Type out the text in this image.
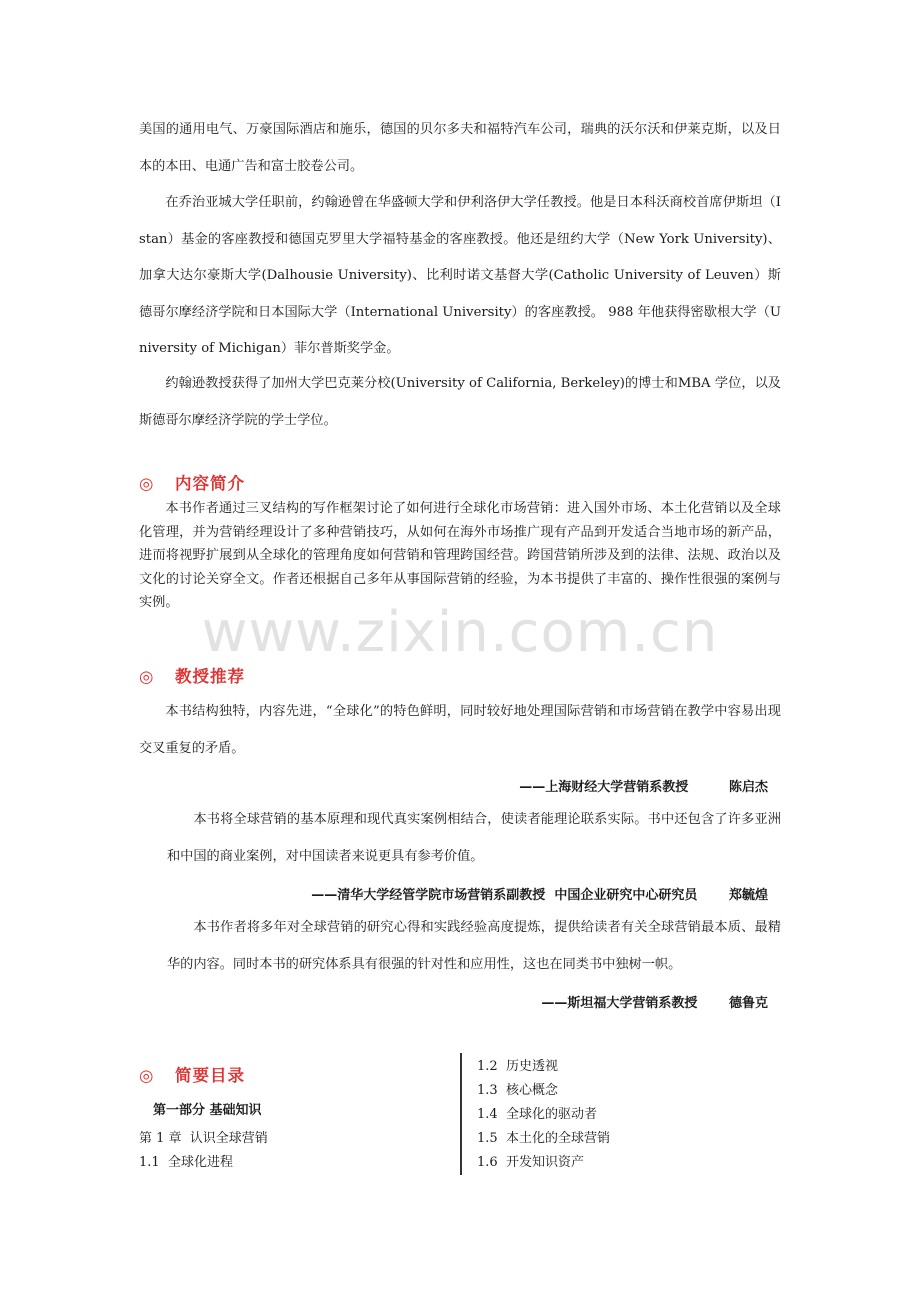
美国的通用电气、万豪国际酒店和施乐，德国的贝尔多夫和福特汽车公司，瑞典的沃尔沃和伊莱克斯，以及日本的本田、电通广告和富士胶卷公司。

在乔治亚城大学任职前，约翰逊曾在华盛顿大学和伊利洛伊大学任教授。他是日本科沃商校首席伊斯坦（Istan）基金的客座教授和德国克罗里大学福特基金的客座教授。他还是纽约大学（New York University)、加拿大达尔豪斯大学(Dalhousie University)、比利时诺文基督大学(Catholic University of Leuven）斯德哥尔摩经济学院和日本国际大学（International University）的客座教授。 988 年他获得密歇根大学（University of Michigan）菲尔普斯奖学金。

约翰逊教授获得了加州大学巴克莱分校(University of California, Berkeley)的博士和MBA 学位，以及斯德哥尔摩经济学院的学士学位。

◎ 内容简介

本书作者通过三叉结构的写作框架讨论了如何进行全球化市场营销：进入国外市场、本土化营销以及全球化管理，并为营销经理设计了多种营销技巧，从如何在海外市场推广现有产品到开发适合当地市场的新产品，进而将视野扩展到从全球化的管理角度如何营销和管理跨国经营。跨国营销所涉及到的法律、法规、政治以及文化的讨论关穿全文。作者还根据自己多年从事国际营销的经验，为本书提供了丰富的、操作性很强的案例与实例。 www.zixin.com.cn
◎ 教授推荐

本书结构独特，内容先进，“全球化”的特色鲜明，同时较好地处理国际营销和市场营销在教学中容易出现交叉重复的矛盾。

——上海财经大学营销系教授         陈启杰

本书将全球营销的基本原理和现代真实案例相结合，使读者能理论联系实际。书中还包含了许多亚洲和中国的商业案例，对中国读者来说更具有参考价值。

——清华大学经管学院市场营销系副教授  中国企业研究中心研究员       郑毓煌

本书作者将多年对全球营销的研究心得和实践经验高度提炼，提供给读者有关全球营销最本质、最精华的内容。同时本书的研究体系具有很强的针对性和应用性，这也在同类书中独树一帜。

——斯坦福大学营销系教授       德鲁克
◎ 简要目录
第一部分 基础知识
第 1 章  认识全球营销
1.1  全球化进程
1.2  历史透视
1.3  核心概念
1.4  全球化的驱动者
1.5  本土化的全球营销
1.6  开发知识资产
